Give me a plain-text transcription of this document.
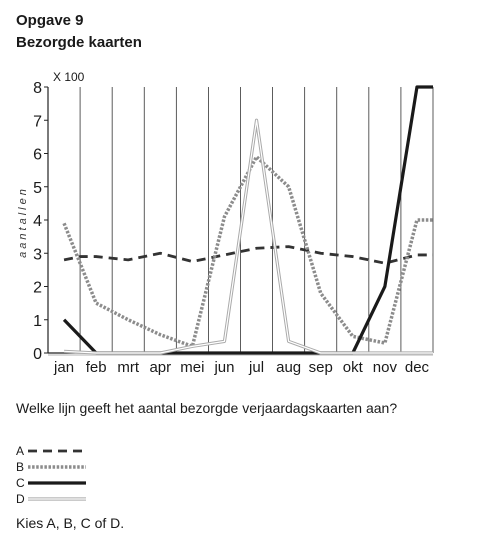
Opgave 9
Bezorgde kaarten
0
1
2
3
4
5
6
7
8
X 100
aantallen
jan feb mrt apr mei jun jul aug sep okt nov dec
Welke lijn geeft het aantal bezorgde verjaardagskaarten aan?
A
B
C
D
Kies A, B, C of D.
